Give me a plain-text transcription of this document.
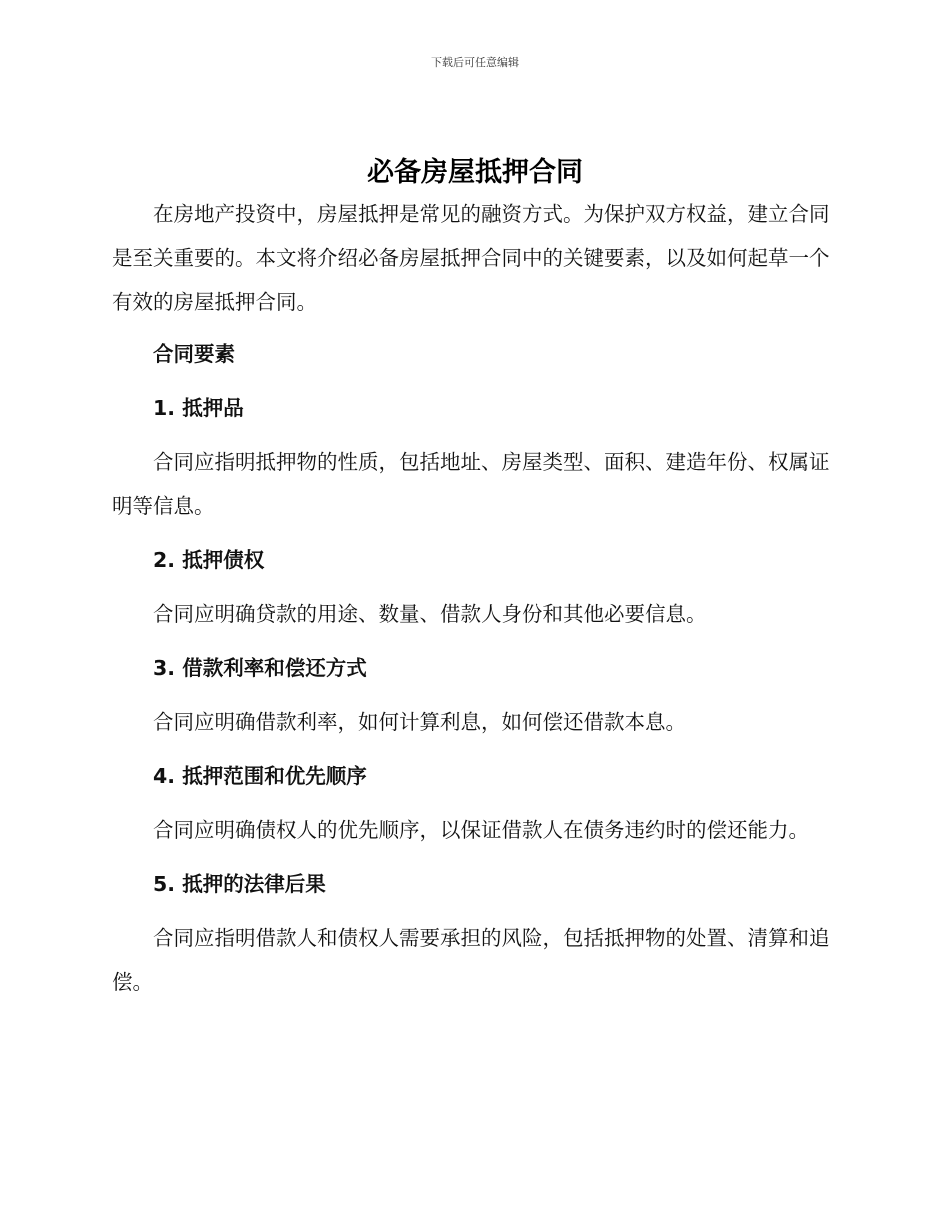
下载后可任意编辑
必备房屋抵押合同

在房地产投资中，房屋抵押是常见的融资方式。为保护双方权益，建立合同是至关重要的。本文将介绍必备房屋抵押合同中的关键要素，以及如何起草一个有效的房屋抵押合同。

合同要素

1. 抵押品

合同应指明抵押物的性质，包括地址、房屋类型、面积、建造年份、权属证明等信息。

2. 抵押债权

合同应明确贷款的用途、数量、借款人身份和其他必要信息。

3. 借款利率和偿还方式

合同应明确借款利率，如何计算利息，如何偿还借款本息。

4. 抵押范围和优先顺序

合同应明确债权人的优先顺序，以保证借款人在债务违约时的偿还能力。

5. 抵押的法律后果

合同应指明借款人和债权人需要承担的风险，包括抵押物的处置、清算和追偿。
